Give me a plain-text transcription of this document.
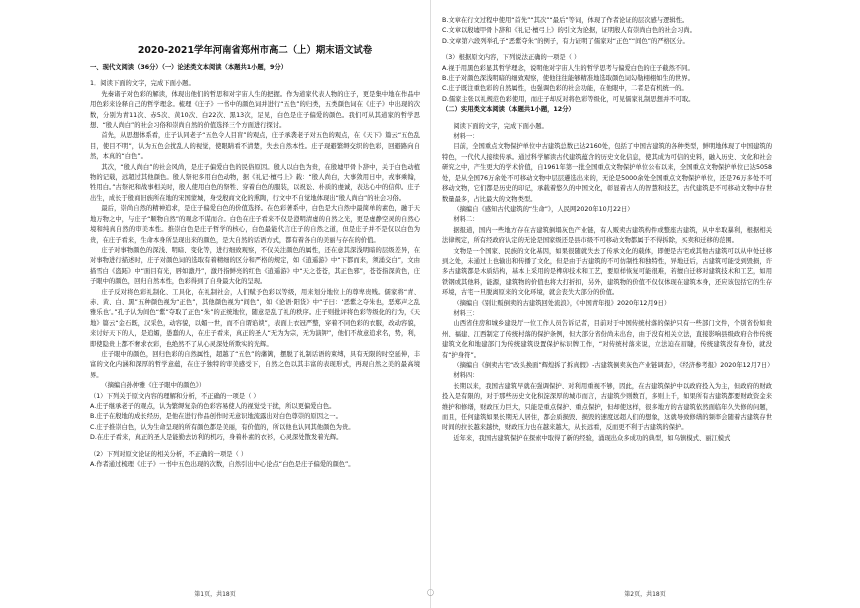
2020-2021学年河南省郑州市高二（上）期末语文试卷

一、现代文阅读（36分）（一）论述类文本阅读（本题共1小题，9分）

1．阅读下面的文字，完成下面小题。

先秦诸子对色彩的解读，体现出他们的哲思和对宇宙人生的把握。作为道家代表人物的庄子，更是集中地在作品中用色彩来诠释自己的哲学理念。梳理《庄子》一书中的颜色词并进行“五色”的归类，五类颜色词在《庄子》中出现的次数，分别为青11次、赤5次、黄10次、白22次、黑13次，足见，白色是庄子偏爱的颜色。我们可从其道家的哲学思想、“殷人尚白”的社会习俗和崇尚自然的价值选择三个方面进行探讨。

首先，从思想体系看，庄子认同老子“五色令人目盲”的观点，庄子承袭老子对五色的观点，在《天下》篇云“五色乱目，使目不明”，认为五色会扰乱人的视觉，使眼睛看不清楚，失去自然本性。庄子现避繁缛交织的色彩，回避路向自然，本真的“白色”。

其次，“殷人尚白”的社会风尚，是庄子偏爱白色的民俗原因。殷人以白色为贵，在殷墟甲骨卜辞中，关于白色动植物的记载，远超过其他颜色。殷人祭祀多用白色动物，据《礼记·檀弓上》载：“殷人尚白，大事敛用日中，戎事乘翰，牲用白。”古祭祀和战事相关时，殷人使用白色的祭牲、穿着白色的服装，以祝讼、朴质的虔诚，表达心中的信仰。庄子出生，成长于殷商旧族所在地的宋国蒙城，身受殷商文化的熏陶，行文中不自觉地体现出“殷人尚白”的社会习俗。

最后，崇尚自然的精神追求，是庄子偏爱白色的价值选择。在色彩著系中，白色是大自然中最简单的素色，融于天地万物之中，与庄子“顺物自然”的观念不谋而合。白色在庄子看来不仅是澄明清虚的自然之光，更是虚静空灵的自然心境和纯真自然的审美本性。推崇白色是庄子哲学的核心，白色最能代言庄子的自然之道，但是庄子并不是仅以白色为贵，在庄子看来，生命本身所呈现出来的颜色，是大自然的话语方式，都有着各自的美丽与存在的价值。

庄子对事物颜色的深浅、明暗、变化等，进行细致观察，不仅关注颜色的属性，还在意其深浅明暗的层级差异，在对事物进行描述时，庄子对颜色词的选取有着精细的区分和严格的规定，如《逍遥游》中“下都而来，须涌交白”，文由描雪白《盗跖》中“面目有光，唇如激丹”，激丹指鲜亮的红色《逍遥游》中“天之苍苍，其正色邪”，苍苍指深黄色，庄子眼中的颜色，回归自然本性，色彩得到了自身最大化的呈现。

庄子反对将色彩礼制化、工具化，在礼制社会，人们赋予色彩以等级，用来划分地位上的尊卑贵贱。儒家将“青、赤、黄、白、黑”五种颜色视为“正色”，其他颜色视为“间色”，如《论语·阳货》中“子曰：‘恶紫之夺朱也，恶郑声之乱雅乐也’。”孔子认为间色“紫”夺取了正色“朱”的正统地位，随意是乱了礼的秩序。庄子则批评将色彩等级化的行为，《天地》篇云“金石既，汉采色，动容貌，以媚一世，而不自谓谄谀”，表面上衣冠严整，穿着不同色彩的衣服，改动容貌，来讨好天下的人，是追媚，愚蠢的人，在庄子看来，真正的圣人“无为为宗，无为演钾”，他们不故意追求名，势，利，即使隐贵上都不奢求衣彩，也绝然不了从心灵深处所欺实的光辉。

庄子眼中的颜色，回归色彩的自然属性，超越了“五色”的藩篱，摆脱了礼制话语的束缚，具有无限的时空延伸，丰富的文化内涵和深厚的哲学意蕴，在庄子独特的审美感受下，自然之色以其丰富的表现形式，再现自然之美的最高境界。

（摘编自孙仲雅《庄子眼中的颜色》）

（1）下列关于原文内容的理解和分析，不正确的一项是（ ）

A.庄子继承老子的观点，认为繁缛复杂的色彩容易使人的视觉受干扰，所以更偏爱白色。

B.庄子在殷地的成长经历，是他在进行作品创作时无意识地流露出对白色尊崇的原因之一。

C.庄子推崇白色，认为生命呈现的所有颜色都是美丽，有价值的，所以他也认同其他颜色为贵。

D.在庄子看来，真正的圣人是能勤去访利的机巧，身着朴素的衣衫，心灵深处散发着光辉。

（2）下列对原文论证的相关分析，不正确的一项是（ ）

A.作者通过梳理《庄子》一书中五色出现的次数，自然引出中心论点“白色是庄子偏爱的颜色”。

第1页，共18页	〇

B.文章在行文过程中使用“首先”“其次”“最后”等词，体现了作者论证的层次感与逻辑性。

C.文章以殷墟甲骨卜辞和《礼记·檀弓上》的引文为论据，证明殷人有崇尚白色的社会习尚。

D.文章第六段列举孔子“恶紫夺朱”的例子，有力证明了儒家对“正色”“间色”的严格区分。

（3）根据原文内容，下列说法正确的一项是（ ）

A.视于用黑色彩显其哲学理念，说明他对宇宙人生的哲学思考与偏爱白色的庄子截然不同。

B.庄子对颜色深浅明暗的细致观察，使他往往能够精准地选取颜色词勾勒栩栩如生的世界。

C.庄子既注重色彩的自然属性，也强调色彩的社会功能，在他眼中，二者是有机统一的。

D.儒家主张以礼规范色彩使用，而庄子却反对将色彩等级化，可见儒家礼制思想并不可取。

（二）实用类文本阅读（本题共1小题，12分）

阅读下面的文字，完成下面小题。

材料一：

目前，全国重点文物保护单位中古建筑总数已达2160处，包括了中国古建筑的各种类型，鲜明地体现了中国建筑的特色，一代代人接续传承。通过科学解读古代建筑蕴含的历史文化信息，使其成为可信的史料，融入历史、文化和社会研究之中，产生更大的学术价值，自1961年第一批全国重点文物保护单位公布以来，全国重点文物保护单位已达5058处，是从全国76万余处不可移动文物中层层遴选出来的，无论是5000余处全国重点文物保护单位，还是76万多处不可移动文物，它们都是历史的印记，承载着悠久的中国文化，彰显着古人的智慧和技艺，古代建筑是不可移动文物中存世数量最多，占比最大的文物类型。

（摘编自《感知古代建筑的“生命”》，人民网2020年10月22日）

材料二：

据报道，国内一些地方存在古建筑倒塌灰色产业链，有人贩卖古建筑构件或整座古建筑，从中牟取暴利，根据相关法律规定，所有经政府认定的无论是国家级还是县市级不可移动文物都属于不得拆除，买卖和迁移的范围。

文物是一个国家、民族的文化基因，如果很随就失去了传承文化的载体，即便是古宅或其他古建筑可以从申处迁移到之处，未通过上也输出和传播了文化，但是由于古建筑的不可仿制性和独特性，异地迁后，古建筑可能受到毁损，许多古建筑都是木质结构，基本上采用的是榫卯技术和工艺，要原样恢复可能很难，若擅自迁移对建筑技术和工艺，如用铁钢或其他料，能源，建筑物的价值也将大打折扣，另外，建筑物的价值不仅仅体现在建筑本身，还应该包括它的生存环境，古宅一旦脱离原来的文化环境，就会丧失大部分的价值。

（摘编自《别让贩倒卖的古建筑回处流浪》，《中国青年报》2020年12月9日）

材料三：

山西省住房和城乡建设厅一位工作人员告诉记者，目前对于中国传统村落的保护只有一些部门文件，个别省份如贵州、福建、江西制定了传统村落的保护条例，但大部分省份尚未出台，由于没有相关立法，直接影响县级政府合作传统建筑文化和地建部门为传统建筑设置保护标识牌工作，“对传统村落来说，立法迫在眉睫，传统建筑没有身份，就没有“护身符”。

（摘编自《倒卖古宅“改头换面”辉煌拆了拆真假》-古建筑倒卖灰色产业链调查》，《经济参考报》2020年12月7日）

材料四：

长期以来，我国古建筑早就在强调保护、对利用重视不够，因此，在古建筑保护中以政府投入为主，但政府的财政投入是有限的，对于那些历史文化积淀深厚的城市而言，古建筑少则数百，多则上千，如果所有古建筑都要财政资金来维护和修缮，财政压力巨大，只能是重点保护、重点保护，但却使这样，很多地方的古建筑依然面临年久失修的问题，而且，任何建筑如果长期无人居住，都会质损毁、损毁的速度远超人们的想象，这就导致修缮的频率会随着古建筑存世时间的拉长越来越快，财政压力也在越来越大，从长远看，反而更不利于古建筑的保护。

近年来，我国古建筑保护在探索中取得了新的经验，涌现出众多成功的典型，如乌镇模式、丽江模式

第2页，共18页
